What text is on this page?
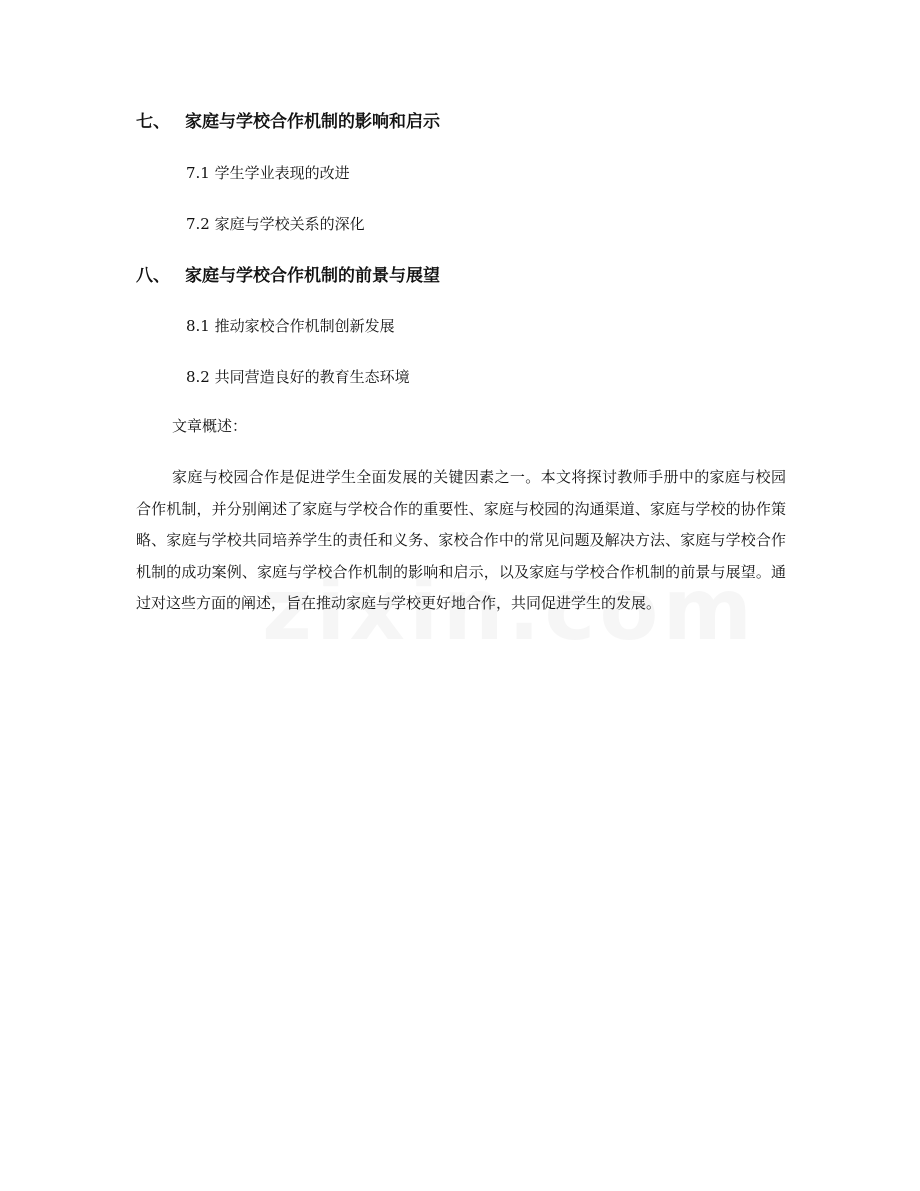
七、 家庭与学校合作机制的影响和启示
7.1 学生学业表现的改进
7.2 家庭与学校关系的深化
八、 家庭与学校合作机制的前景与展望
8.1 推动家校合作机制创新发展
8.2 共同营造良好的教育生态环境
文章概述：
家庭与校园合作是促进学生全面发展的关键因素之一。本文将探讨教师手册中的家庭与校园合作机制，并分别阐述了家庭与学校合作的重要性、家庭与校园的沟通渠道、家庭与学校的协作策略、家庭与学校共同培养学生的责任和义务、家校合作中的常见问题及解决方法、家庭与学校合作机制的成功案例、家庭与学校合作机制的影响和启示，以及家庭与学校合作机制的前景与展望。通过对这些方面的阐述，旨在推动家庭与学校更好地合作，共同促进学生的发展。
